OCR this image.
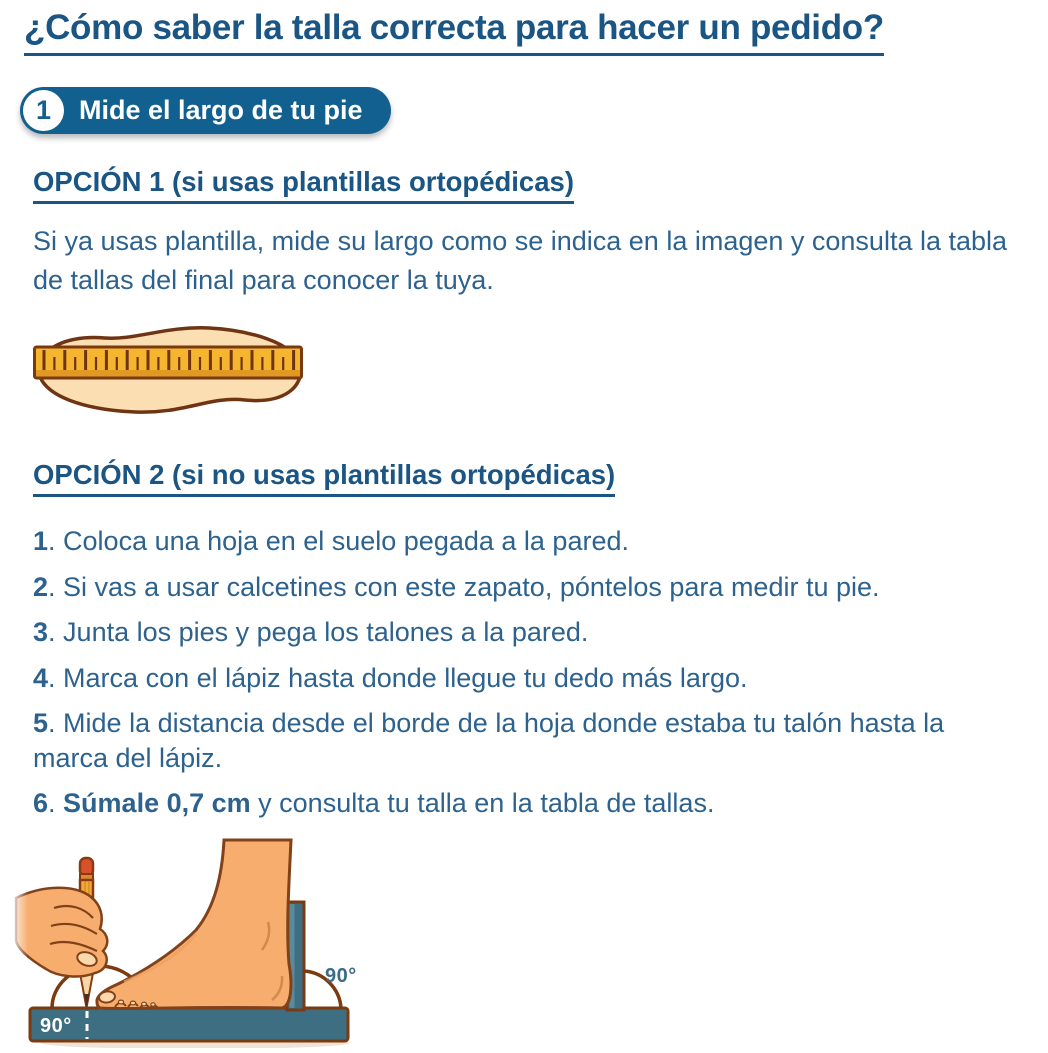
¿Cómo saber la talla correcta para hacer un pedido?
1	Mide el largo de tu pie
OPCIÓN 1 (si usas plantillas ortopédicas)
Si ya usas plantilla, mide su largo como se indica en la imagen y consulta la tabla de tallas del final para conocer la tuya.
OPCIÓN 2 (si no usas plantillas ortopédicas)
1. Coloca una hoja en el suelo pegada a la pared.
2. Si vas a usar calcetines con este zapato, póntelos para medir tu pie.
3. Junta los pies y pega los talones a la pared.
4. Marca con el lápiz hasta donde llegue tu dedo más largo.
5. Mide la distancia desde el borde de la hoja donde estaba tu talón hasta la marca del lápiz.
6. Súmale 0,7 cm y consulta tu talla en la tabla de tallas.
90°
90°
